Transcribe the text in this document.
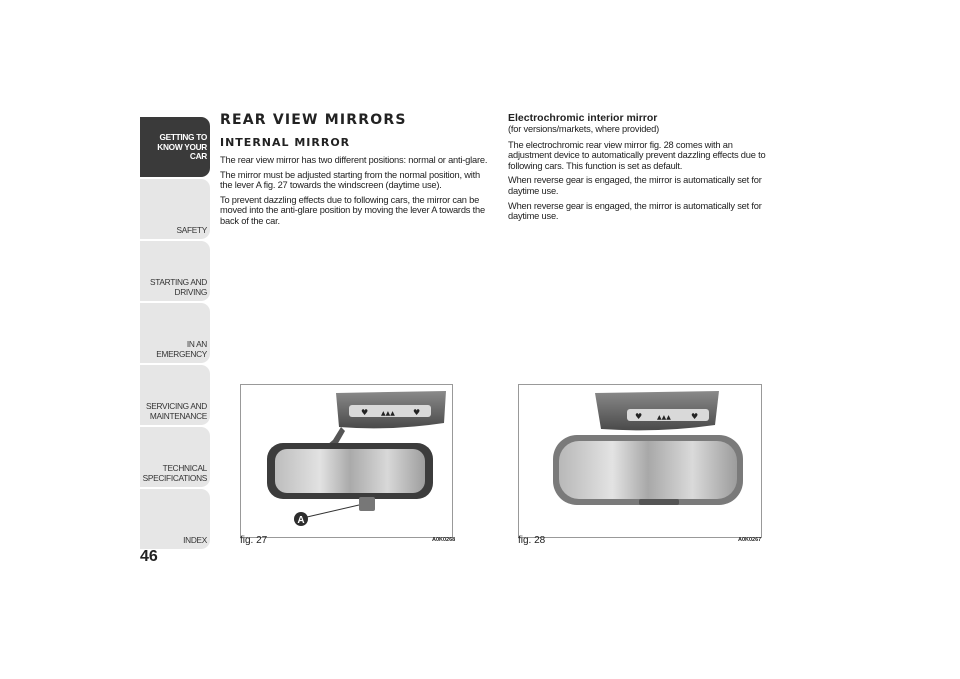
GETTING TO
KNOW YOUR CAR
SAFETY
STARTING AND
DRIVING
IN AN EMERGENCY
SERVICING AND
MAINTENANCE
TECHNICAL
SPECIFICATIONS
INDEX
46
REAR VIEW MIRRORS
INTERNAL MIRROR

The rear view mirror has two different positions: normal or anti-glare.

The mirror must be adjusted starting from the normal position, with the lever A fig. 27 towards the windscreen (daytime use).

To prevent dazzling effects due to following cars, the mirror can be moved into the anti-glare position by moving the lever A towards the back of the car.

Electrochromic interior mirror

(for versions/markets, where provided)

The electrochromic rear view mirror fig. 28 comes with an adjustment device to automatically prevent dazzling effects due to following cars. This function is set as default.

When reverse gear is engaged, the mirror is automatically set for daytime use.

When reverse gear is engaged, the mirror is automatically set for daytime use.

♥ ▲▲▲ ♥
A
fig. 27	A0K0268
♥ ▲▲▲	♥
fig. 28	A0K0267
